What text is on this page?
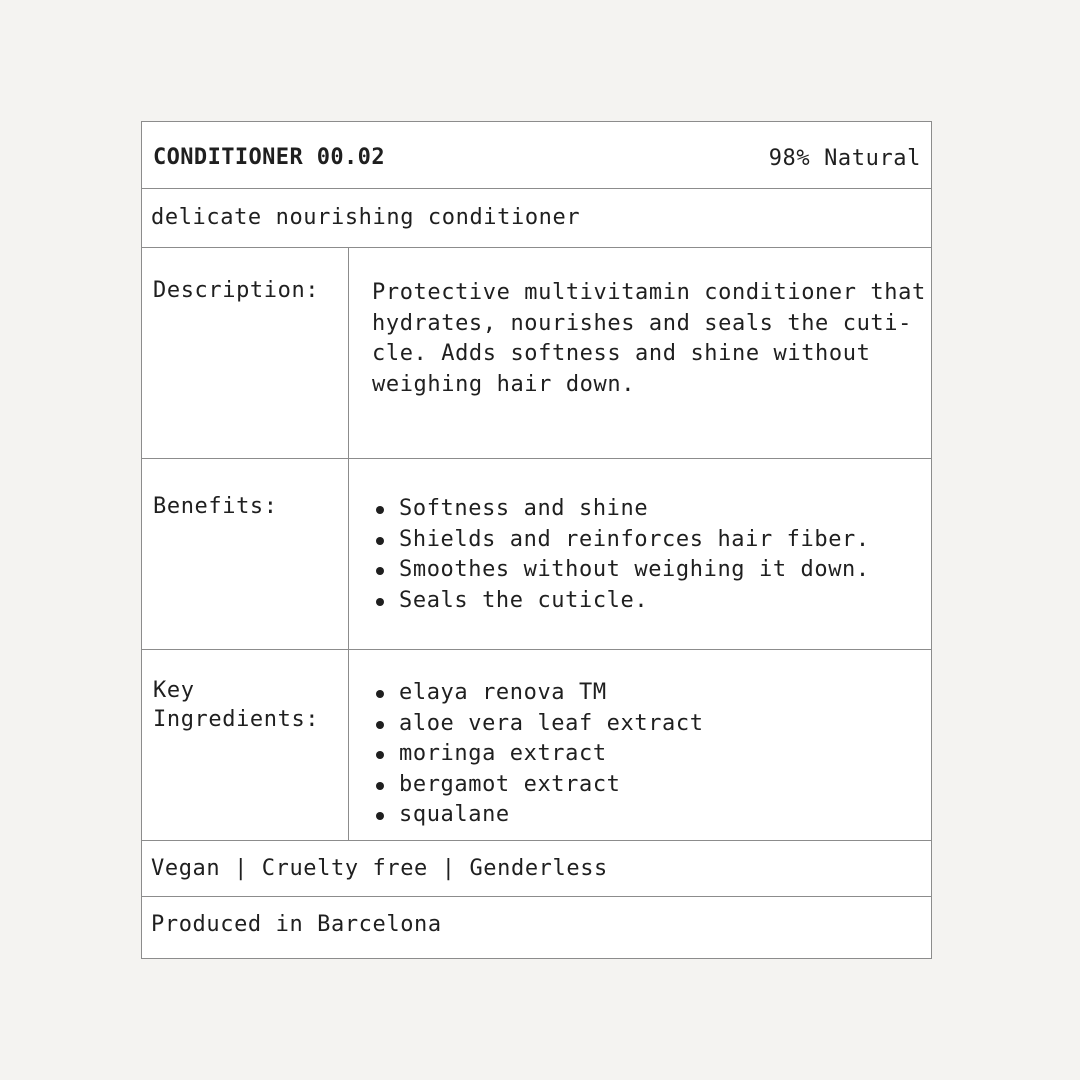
CONDITIONER 00.02	98% Natural

delicate nourishing conditioner

Description: Protective multivitamin conditioner that

hydrates, nourishes and seals the cuti-

cle. Adds softness and shine without

weighing hair down.

Benefits:	Softness and shine
Shields and reinforces hair fiber.
Smoothes without weighing it down.
Seals the cuticle.

Key

Ingredients:

elaya renova TM
aloe vera leaf extract
moringa extract
bergamot extract
squalane

Vegan | Cruelty free | Genderless

Produced in Barcelona
